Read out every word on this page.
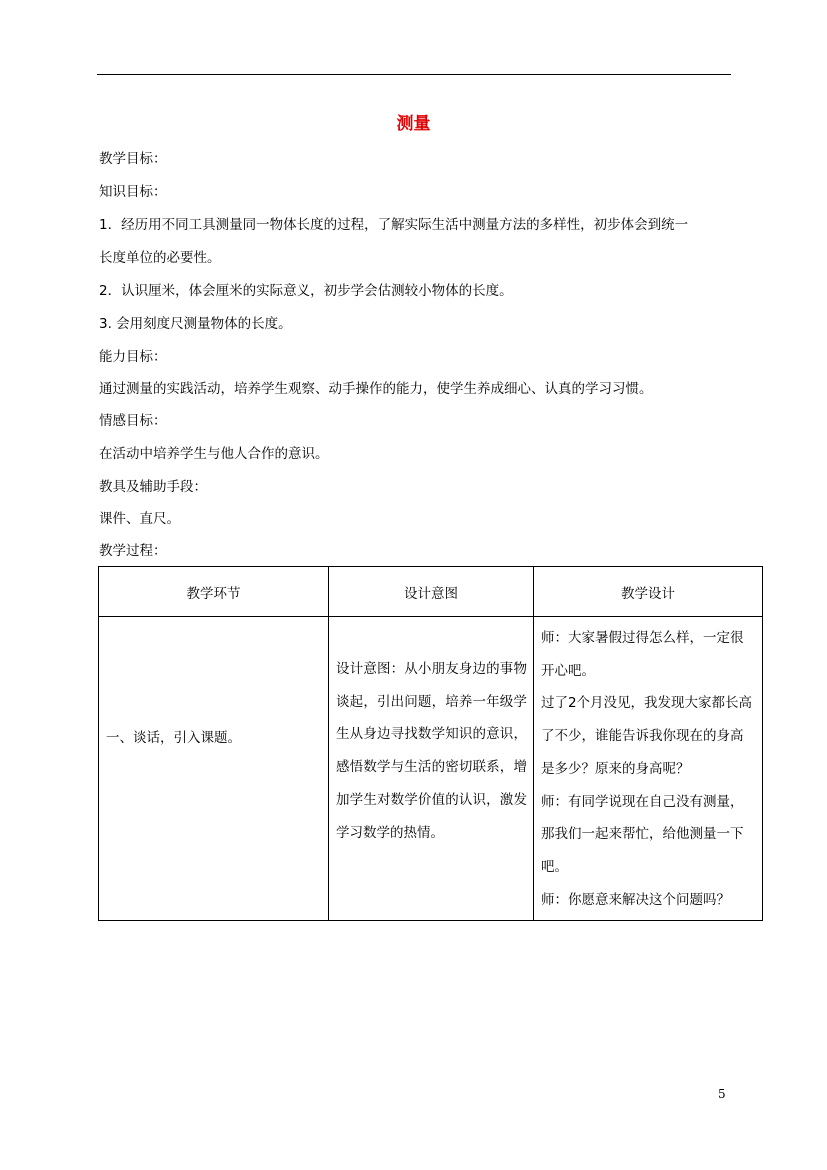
测量
教学目标：
知识目标：
1．经历用不同工具测量同一物体长度的过程，了解实际生活中测量方法的多样性，初步体会到统一
长度单位的必要性。
2．认识厘米，体会厘米的实际意义，初步学会估测较小物体的长度。
3. 会用刻度尺测量物体的长度。
能力目标：
通过测量的实践活动，培养学生观察、动手操作的能力，使学生养成细心、认真的学习习惯。
情感目标：
在活动中培养学生与他人合作的意识。
教具及辅助手段：
课件、直尺。
教学过程：
教学环节	设计意图	教学设计

一、谈话，引入课题。	设计意图：从小朋友身边的事物谈起，引出问题，培养一年级学生从身边寻找数学知识的意识，感悟数学与生活的密切联系，增加学生对数学价值的认识，激发学习数学的热情。	师：大家暑假过得怎么样，一定很开心吧。

过了2个月没见，我发现大家都长高了不少，谁能告诉我你现在的身高是多少？原来的身高呢？

师：有同学说现在自己没有测量，那我们一起来帮忙，给他测量一下吧。

师：你愿意来解决这个问题吗？

5
